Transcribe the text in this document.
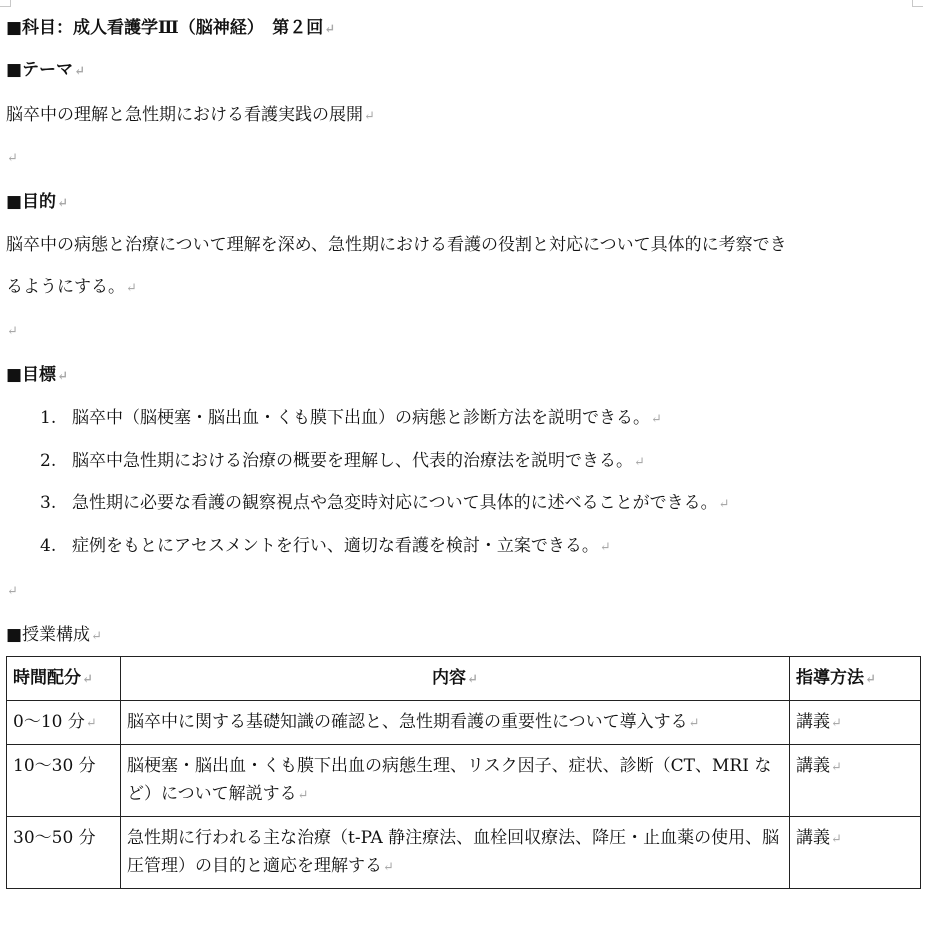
■科目：成人看護学Ⅲ（脳神経）　第２回↵
■テーマ↵
脳卒中の理解と急性期における看護実践の展開↵
↵
■目的↵
脳卒中の病態と治療について理解を深め、急性期における看護の役割と対応について具体的に考察でき
るようにする。↵
↵
■目標↵
1. 脳卒中（脳梗塞・脳出血・くも膜下出血）の病態と診断方法を説明できる。↵
2. 脳卒中急性期における治療の概要を理解し、代表的治療法を説明できる。↵
3. 急性期に必要な看護の観察視点や急変時対応について具体的に述べることができる。↵
4. 症例をもとにアセスメントを行い、適切な看護を検討・立案できる。↵
↵
■授業構成↵
時間配分↵	内容↵	指導方法↵
0～10 分↵	脳卒中に関する基礎知識の確認と、急性期看護の重要性について導入する↵	講義↵
10～30 分	脳梗塞・脳出血・くも膜下出血の病態生理、リスク因子、症状、診断（CT、MRI など）について解説する↵	講義↵
30～50 分	急性期に行われる主な治療（t-PA 静注療法、血栓回収療法、降圧・止血薬の使用、脳圧管理）の目的と適応を理解する↵	講義↵
